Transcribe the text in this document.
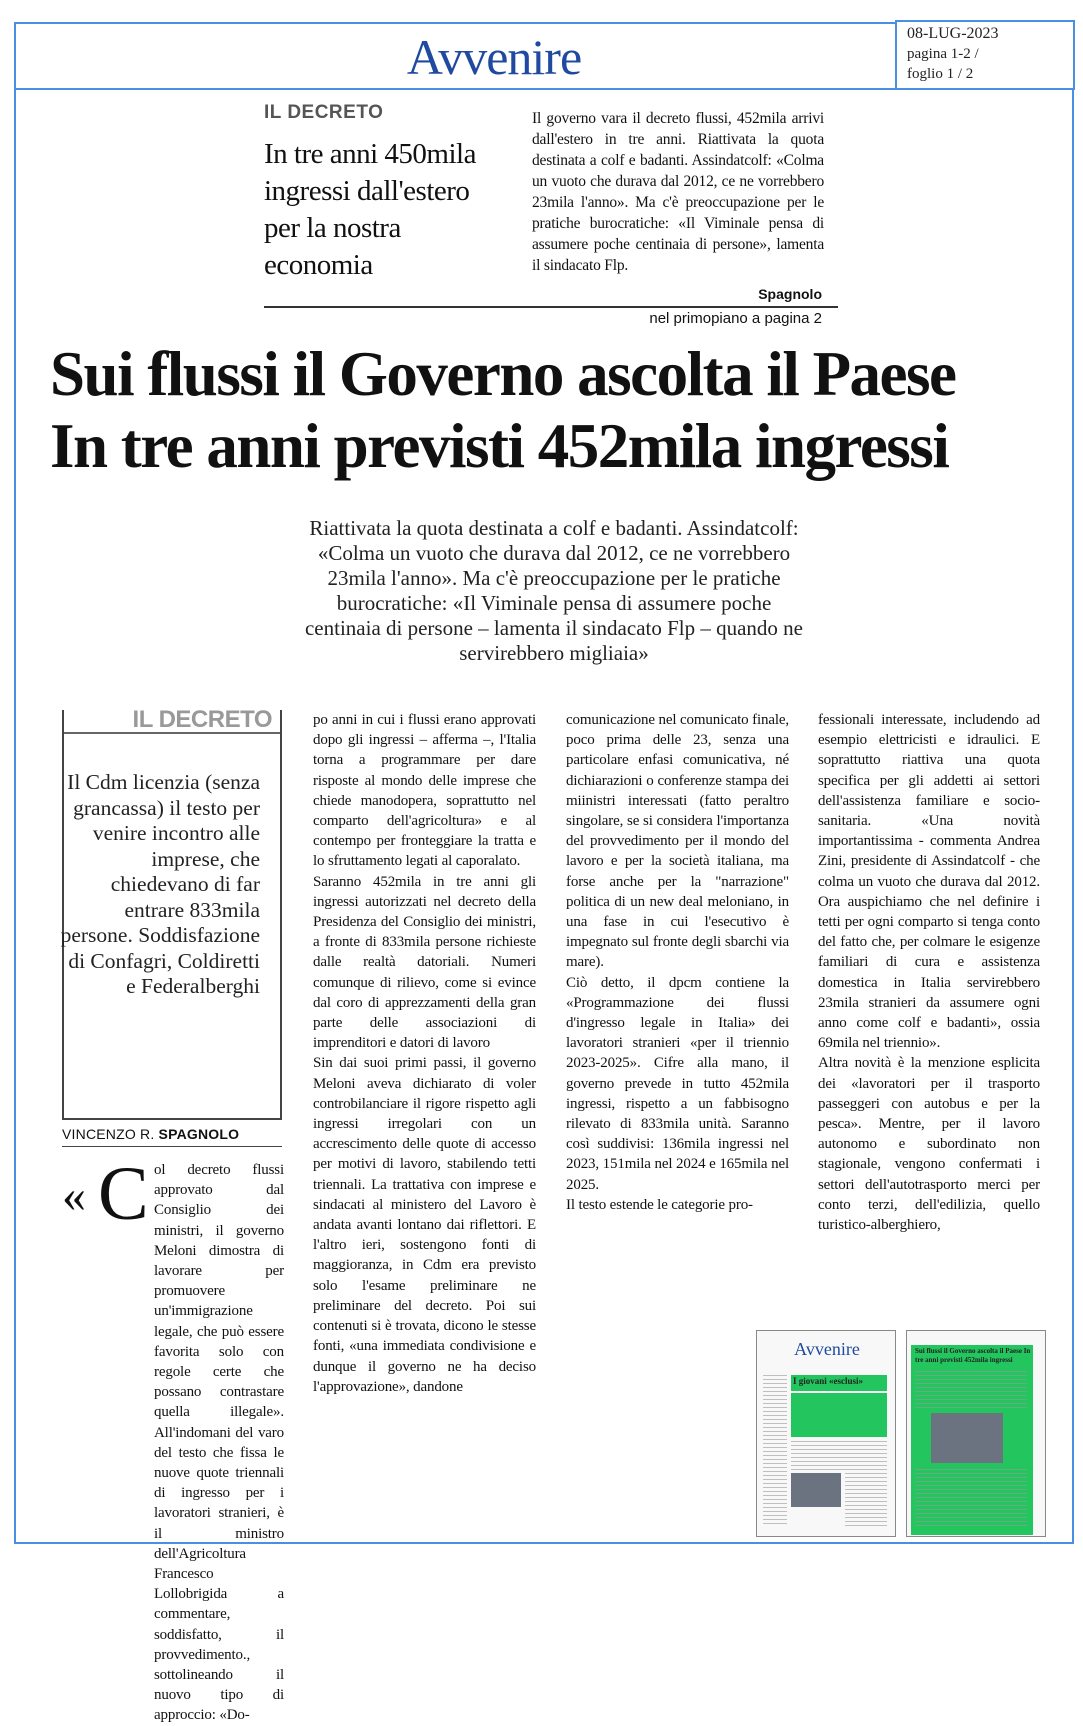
Avvenire	08-LUG-2023
pagina 1-2 /
foglio 1 / 2
IL DECRETO
In tre anni 450mila
ingressi dall'estero
per la nostra economia
Il governo vara il decreto flussi, 452mila arrivi dall'estero in tre anni. Riattivata la quota destinata a colf e badanti. Assindatcolf: «Colma un vuoto che durava dal 2012, ce ne vorrebbero 23mila l'anno». Ma c'è preoccupazione per le pratiche burocratiche: «Il Viminale pensa di assumere poche centinaia di persone», lamenta il sindacato Flp.
Spagnolo
nel primopiano a pagina 2
Sui flussi il Governo ascolta il Paese
In tre anni previsti 452mila ingressi
Riattivata la quota destinata a colf e badanti. Assindatcolf: «Colma un vuoto che durava dal 2012, ce ne vorrebbero 23mila l'anno». Ma c'è preoccupazione per le pratiche burocratiche: «Il Viminale pensa di assumere poche centinaia di persone – lamenta il sindacato Flp – quando ne servirebbero migliaia»
IL DECRETO
Il Cdm licenzia (senza grancassa) il testo per venire incontro alle imprese, che chiedevano di far entrare 833mila persone. Soddisfazione di Confagri, Coldiretti e Federalberghi
VINCENZO R. SPAGNOLO
« C ol decreto flussi approvato dal Consiglio dei ministri, il governo Meloni dimostra di lavorare per promuovere un'immigrazione legale, che può essere favorita solo con regole certe che possano contrastare quella illegale». All'indomani del varo del testo che fissa le nuove quote triennali di ingresso per i lavoratori stranieri, è il ministro dell'Agricoltura Francesco Lollobrigida a commentare, soddisfatto, il provvedimento., sottolineando il nuovo tipo di approccio: «Do-

po anni in cui i flussi erano approvati dopo gli ingressi – afferma –, l'Italia torna a programmare per dare risposte al mondo delle imprese che chiede manodopera, soprattutto nel comparto dell'agricoltura» e al contempo per fronteggiare la tratta e lo sfruttamento legati al caporalato.

Saranno 452mila in tre anni gli ingressi autorizzati nel decreto della Presidenza del Consiglio dei ministri, a fronte di 833mila persone richieste dalle realtà datoriali. Numeri comunque di rilievo, come si evince dal coro di apprezzamenti della gran parte delle associazioni di imprenditori e datori di lavoro

Sin dai suoi primi passi, il governo Meloni aveva dichiarato di voler controbilanciare il rigore rispetto agli ingressi irregolari con un accrescimento delle quote di accesso per motivi di lavoro, stabilendo tetti triennali. La trattativa con imprese e sindacati al ministero del Lavoro è andata avanti lontano dai riflettori. E l'altro ieri, sostengono fonti di maggioranza, in Cdm era previsto solo l'esame preliminare ne preliminare del decreto. Poi sui contenuti si è trovata, dicono le stesse fonti, «una immediata condivisione e dunque il governo ne ha deciso l'approvazione», dandone

comunicazione nel comunicato finale, poco prima delle 23, senza una particolare enfasi comunicativa, né dichiarazioni o conferenze stampa dei miinistri interessati (fatto peraltro singolare, se si considera l'importanza del provvedimento per il mondo del lavoro e per la società italiana, ma forse anche per la "narrazione" politica di un new deal meloniano, in una fase in cui l'esecutivo è impegnato sul fronte degli sbarchi via mare).

Ciò detto, il dpcm contiene la «Programmazione dei flussi d'ingresso legale in Italia» dei lavoratori stranieri «per il triennio 2023-2025». Cifre alla mano, il governo prevede in tutto 452mila ingressi, rispetto a un fabbisogno rilevato di 833mila unità. Saranno così suddivisi: 136mila ingressi nel 2023, 151mila nel 2024 e 165mila nel 2025.

Il testo estende le categorie pro-

fessionali interessate, includendo ad esempio elettricisti e idraulici. E soprattutto riattiva una quota specifica per gli addetti ai settori dell'assistenza familiare e socio-sanitaria. «Una novità importantissima - commenta Andrea Zini, presidente di Assindatcolf - che colma un vuoto che durava dal 2012. Ora auspichiamo che nel definire i tetti per ogni comparto si tenga conto del fatto che, per colmare le esigenze familiari di cura e assistenza domestica in Italia servirebbero 23mila stranieri da assumere ogni anno come colf e badanti», ossia 69mila nel triennio».

Altra novità è la menzione esplicita dei «lavoratori per il trasporto passeggeri con autobus e per la pesca». Mentre, per il lavoro autonomo e subordinato non stagionale, vengono confermati i settori dell'autotrasporto merci per conto terzi, dell'edilizia, quello turistico-alberghiero,

Avvenire
I giovani «esclusi»
Sui flussi il Governo ascolta il Paese In tre anni previsti 452mila ingressi
